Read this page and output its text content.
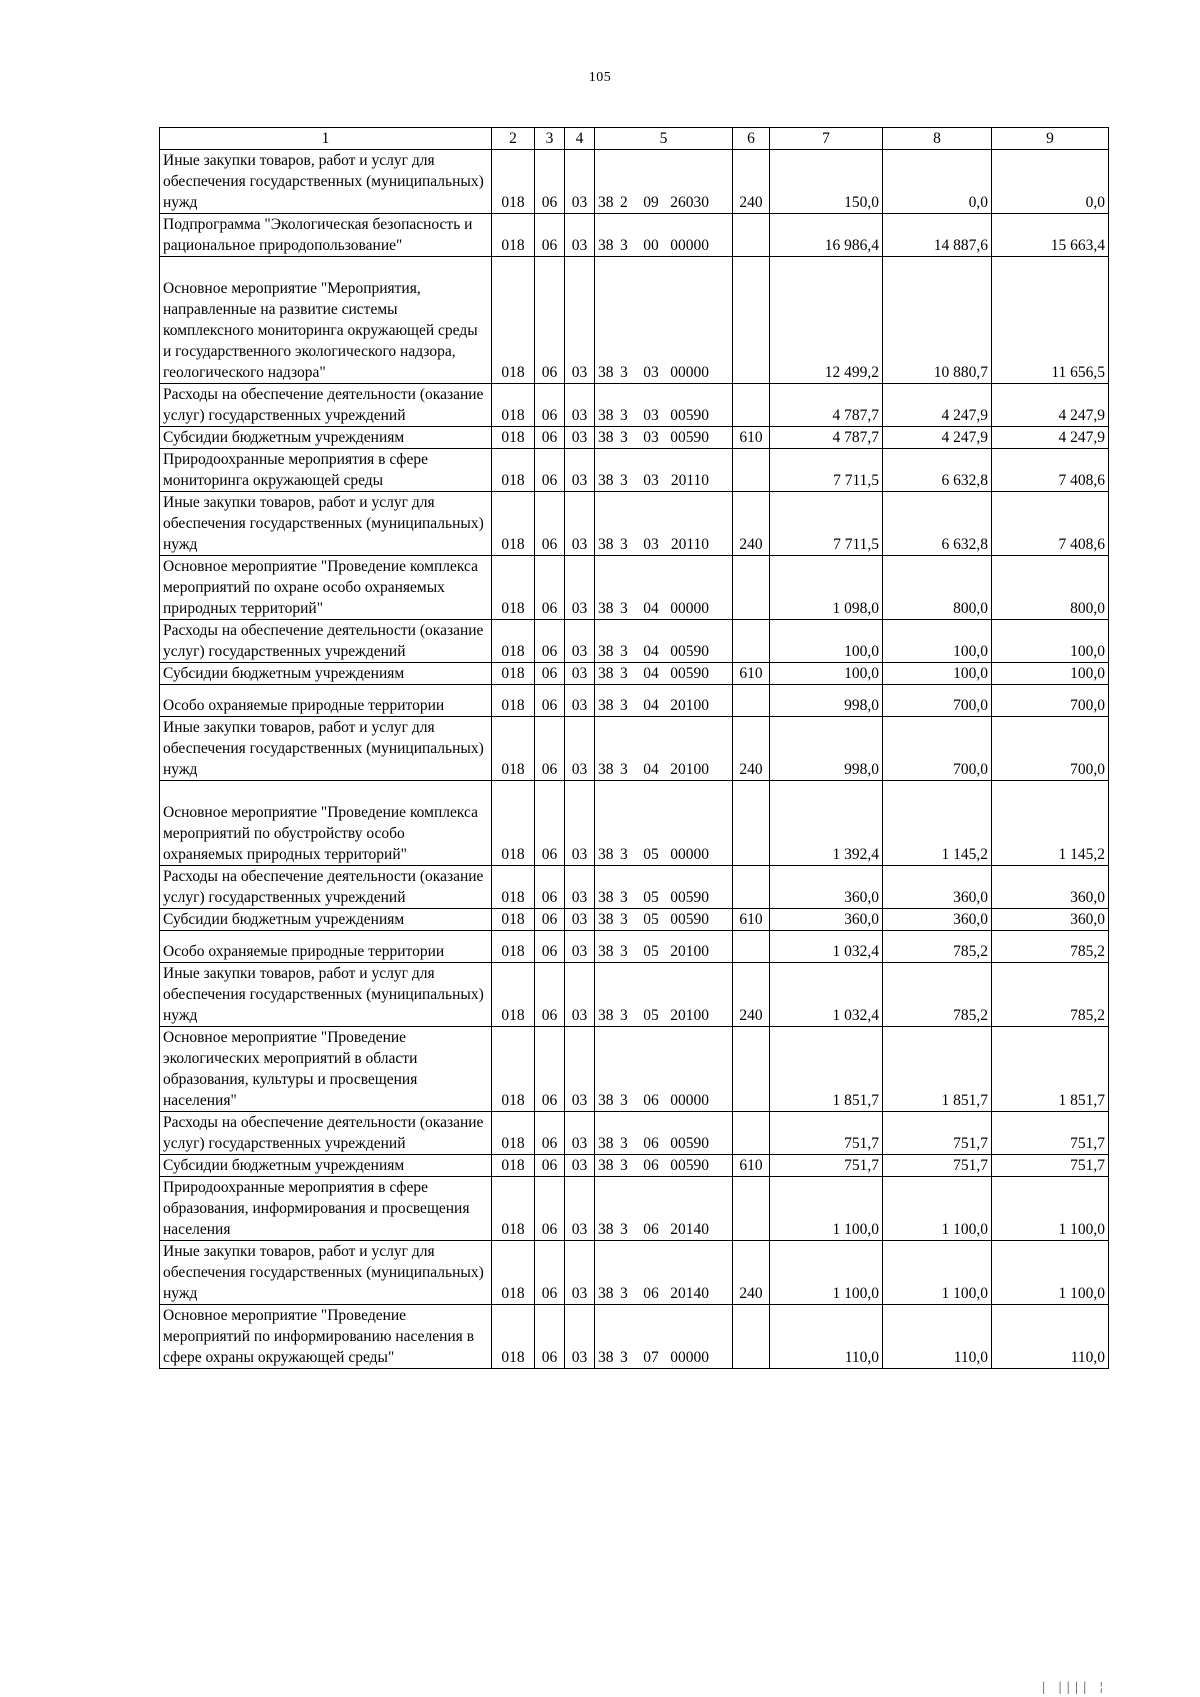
105
1	2	3	4	5	6	7	8	9
Иные закупки товаров, работ и услуг для обеспечения государственных (муниципальных) нужд	018	06	03	38 2 09 26030	240	150,0	0,0	0,0
Подпрограмма "Экологическая безопасность и рациональное природопользование"	018	06	03	38 3 00 00000		16 986,4	14 887,6	15 663,4

Основное мероприятие "Мероприятия, направленные на развитие системы комплексного мониторинга окружающей среды и государственного экологического надзора, геологического надзора"	018	06	03	38 3 03 00000		12 499,2	10 880,7	11 656,5
Расходы на обеспечение деятельности (оказание услуг) государственных учреждений	018	06	03	38 3 03 00590		4 787,7	4 247,9	4 247,9
Субсидии бюджетным учреждениям	018	06	03	38 3 03 00590	610	4 787,7	4 247,9	4 247,9
Природоохранные мероприятия в сфере мониторинга окружающей среды	018	06	03	38 3 03 20110		7 711,5	6 632,8	7 408,6
Иные закупки товаров, работ и услуг для обеспечения государственных (муниципальных) нужд	018	06	03	38 3 03 20110	240	7 711,5	6 632,8	7 408,6
Основное мероприятие "Проведение комплекса мероприятий по охране особо охраняемых природных территорий"	018	06	03	38 3 04 00000		1 098,0	800,0	800,0
Расходы на обеспечение деятельности (оказание услуг) государственных учреждений	018	06	03	38 3 04 00590		100,0	100,0	100,0
Субсидии бюджетным учреждениям	018	06	03	38 3 04 00590	610	100,0	100,0	100,0

Особо охраняемые природные территории	018	06	03	38 3 04 20100		998,0	700,0	700,0
Иные закупки товаров, работ и услуг для обеспечения государственных (муниципальных) нужд	018	06	03	38 3 04 20100	240	998,0	700,0	700,0

Основное мероприятие "Проведение комплекса мероприятий по обустройству особо охраняемых природных территорий"	018	06	03	38 3 05 00000		1 392,4	1 145,2	1 145,2
Расходы на обеспечение деятельности (оказание услуг) государственных учреждений	018	06	03	38 3 05 00590		360,0	360,0	360,0
Субсидии бюджетным учреждениям	018	06	03	38 3 05 00590	610	360,0	360,0	360,0

Особо охраняемые природные территории	018	06	03	38 3 05 20100		1 032,4	785,2	785,2
Иные закупки товаров, работ и услуг для обеспечения государственных (муниципальных) нужд	018	06	03	38 3 05 20100	240	1 032,4	785,2	785,2
Основное мероприятие "Проведение экологических мероприятий в области образования, культуры и просвещения населения"	018	06	03	38 3 06 00000		1 851,7	1 851,7	1 851,7
Расходы на обеспечение деятельности (оказание услуг) государственных учреждений	018	06	03	38 3 06 00590		751,7	751,7	751,7
Субсидии бюджетным учреждениям	018	06	03	38 3 06 00590	610	751,7	751,7	751,7
Природоохранные мероприятия в сфере образования, информирования и просвещения населения	018	06	03	38 3 06 20140		1 100,0	1 100,0	1 100,0
Иные закупки товаров, работ и услуг для обеспечения государственных (муниципальных) нужд	018	06	03	38 3 06 20140	240	1 100,0	1 100,0	1 100,0
Основное мероприятие "Проведение мероприятий по информированию населения в сфере охраны окружающей среды"	018	06	03	38 3 07 00000		110,0	110,0	110,0
| |||| ¦
